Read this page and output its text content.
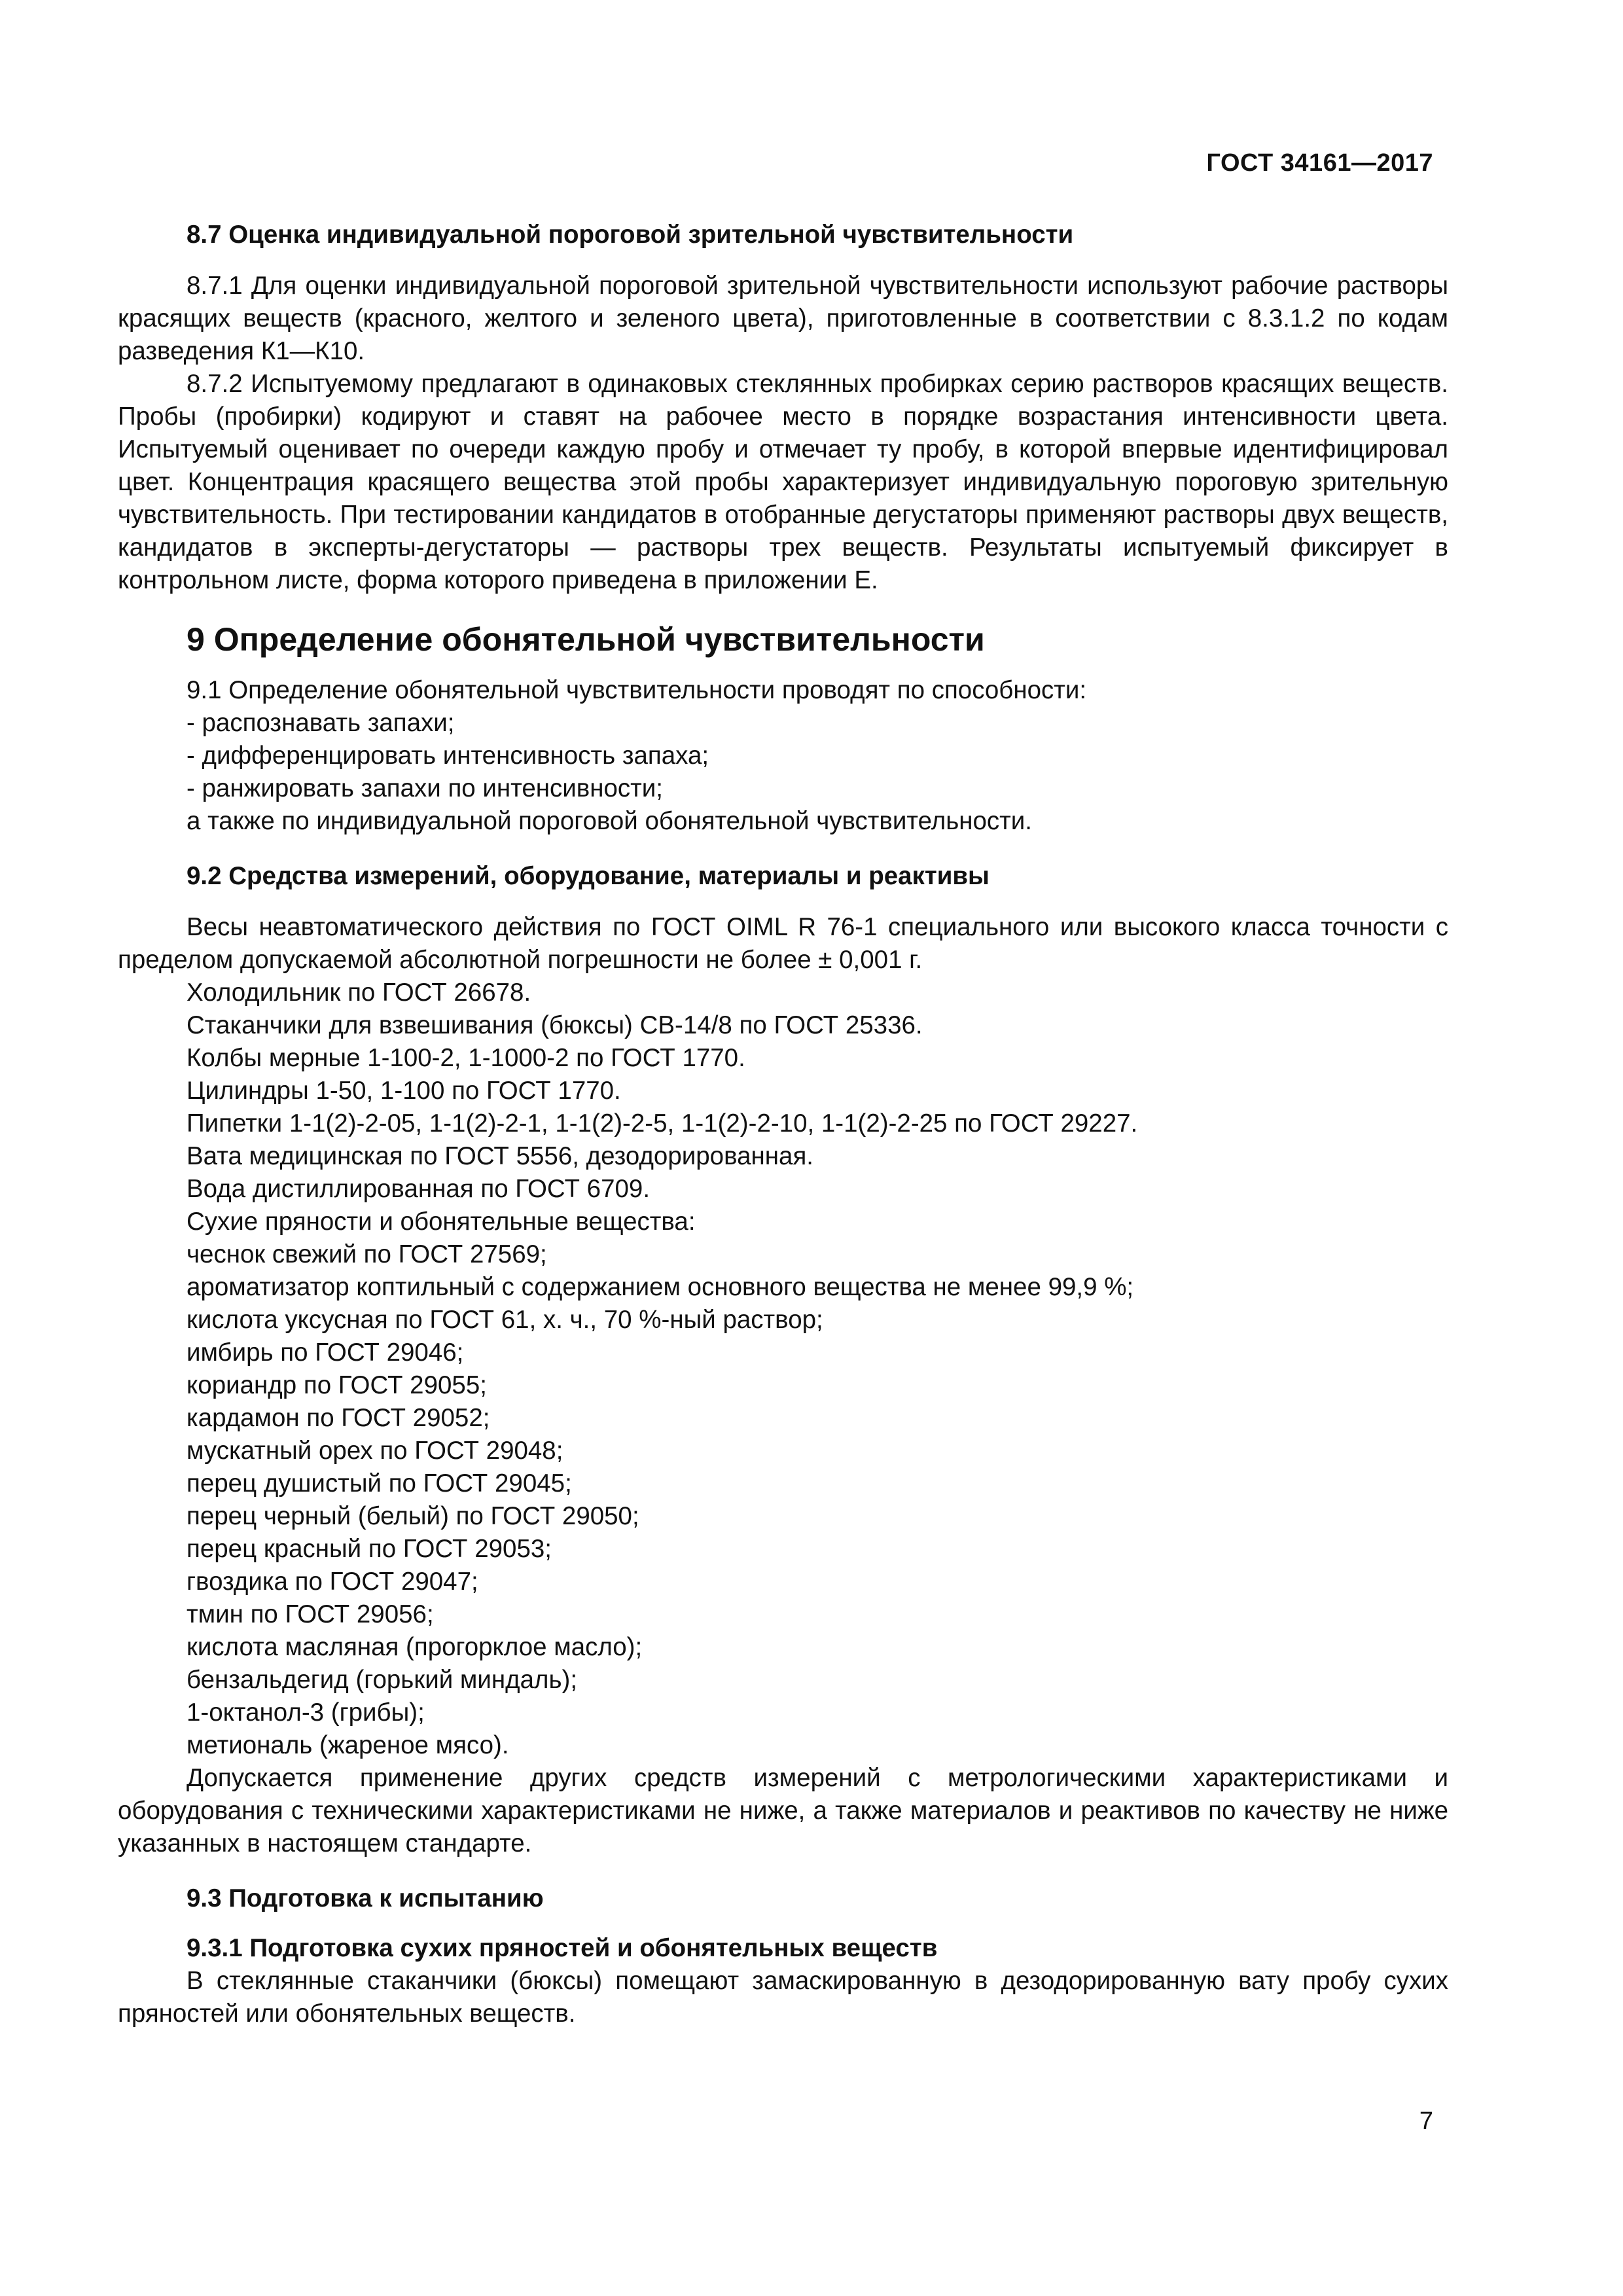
ГОСТ 34161—2017

8.7 Оценка индивидуальной пороговой зрительной чувствительности

8.7.1 Для оценки индивидуальной пороговой зрительной чувствительности используют рабочие растворы красящих веществ (красного, желтого и зеленого цвета), приготовленные в соответствии с 8.3.1.2 по кодам разведения К1—К10.

8.7.2 Испытуемому предлагают в одинаковых стеклянных пробирках серию растворов красящих веществ. Пробы (пробирки) кодируют и ставят на рабочее место в порядке возрастания интенсивности цвета. Испытуемый оценивает по очереди каждую пробу и отмечает ту пробу, в которой впервые идентифицировал цвет. Концентрация красящего вещества этой пробы характеризует индивидуальную пороговую зрительную чувствительность. При тестировании кандидатов в отобранные дегустаторы применяют растворы двух веществ, кандидатов в эксперты-дегустаторы — растворы трех веществ. Результаты испытуемый фиксирует в контрольном листе, форма которого приведена в приложении Е.

9 Определение обонятельной чувствительности

9.1 Определение обонятельной чувствительности проводят по способности:

- распознавать запахи;

- дифференцировать интенсивность запаха;

- ранжировать запахи по интенсивности;

а также по индивидуальной пороговой обонятельной чувствительности.

9.2 Средства измерений, оборудование, материалы и реактивы

Весы неавтоматического действия по ГОСТ OIML R 76-1 специального или высокого класса точности с пределом допускаемой абсолютной погрешности не более ± 0,001 г.

Холодильник по ГОСТ 26678.

Стаканчики для взвешивания (бюксы) СВ-14/8 по ГОСТ 25336.

Колбы мерные 1-100-2, 1-1000-2 по ГОСТ 1770.

Цилиндры 1-50, 1-100 по ГОСТ 1770.

Пипетки 1-1(2)-2-05, 1-1(2)-2-1, 1-1(2)-2-5, 1-1(2)-2-10, 1-1(2)-2-25 по ГОСТ 29227.

Вата медицинская по ГОСТ 5556, дезодорированная.

Вода дистиллированная по ГОСТ 6709.

Сухие пряности и обонятельные вещества:

чеснок свежий по ГОСТ 27569;

ароматизатор коптильный с содержанием основного вещества не менее 99,9 %;

кислота уксусная по ГОСТ 61, х. ч., 70 %-ный раствор;

имбирь по ГОСТ 29046;

кориандр по ГОСТ 29055;

кардамон по ГОСТ 29052;

мускатный орех по ГОСТ 29048;

перец душистый по ГОСТ 29045;

перец черный (белый) по ГОСТ 29050;

перец красный по ГОСТ 29053;

гвоздика по ГОСТ 29047;

тмин по ГОСТ 29056;

кислота масляная (прогорклое масло);

бензальдегид (горький миндаль);

1-октанол-3 (грибы);

метиональ (жареное мясо).

Допускается применение других средств измерений с метрологическими характеристиками и оборудования с техническими характеристиками не ниже, а также материалов и реактивов по качеству не ниже указанных в настоящем стандарте.

9.3 Подготовка к испытанию

9.3.1 Подготовка сухих пряностей и обонятельных веществ

В стеклянные стаканчики (бюксы) помещают замаскированную в дезодорированную вату пробу сухих пряностей или обонятельных веществ.

7
